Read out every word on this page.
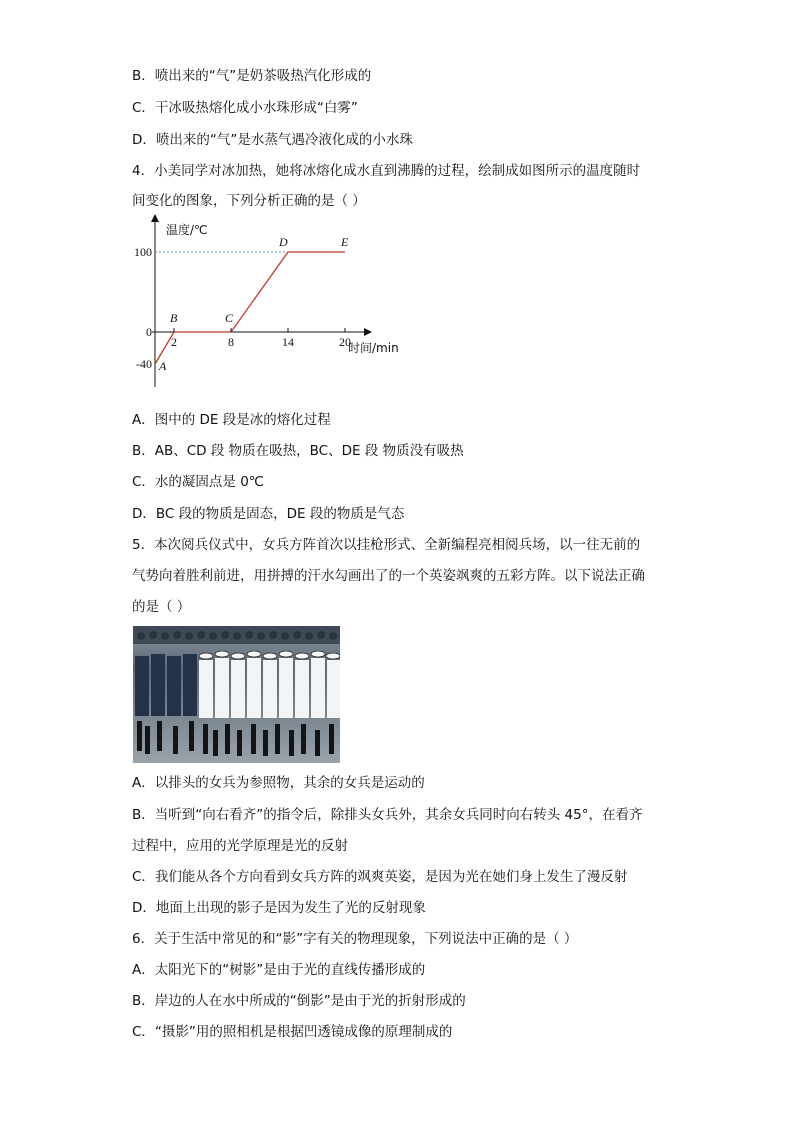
B．喷出来的“气”是奶茶吸热汽化形成的
C．干冰吸热熔化成小水珠形成“白雾”
D．喷出来的“气”是水蒸气遇冷液化成的小水珠
4．小美同学对冰加热，她将冰熔化成水直到沸腾的过程，绘制成如图所示的温度随时
间变化的图象，下列分析正确的是（ ）
温度/℃
时间/min
2	8	14	20
100
0
-40 A
B	C
D	E
A．图中的 DE 段是冰的熔化过程
B．AB、CD 段 物质在吸热，BC、DE 段 物质没有吸热
C．水的凝固点是 0℃
D．BC 段的物质是固态，DE 段的物质是气态
5．本次阅兵仪式中，女兵方阵首次以挂枪形式、全新编程亮相阅兵场，以一往无前的
气势向着胜利前进，用拼搏的汗水勾画出了的一个英姿飒爽的五彩方阵。以下说法正确
的是（ ）
A．以排头的女兵为参照物，其余的女兵是运动的
B．当听到“向右看齐”的指令后，除排头女兵外，其余女兵同时向右转头 45°，在看齐
过程中，应用的光学原理是光的反射
C．我们能从各个方向看到女兵方阵的飒爽英姿，是因为光在她们身上发生了漫反射
D．地面上出现的影子是因为发生了光的反射现象
6．关于生活中常见的和“影”字有关的物理现象，下列说法中正确的是（ ）
A．太阳光下的“树影”是由于光的直线传播形成的
B．岸边的人在水中所成的“倒影”是由于光的折射形成的
C．“摄影”用的照相机是根据凹透镜成像的原理制成的
